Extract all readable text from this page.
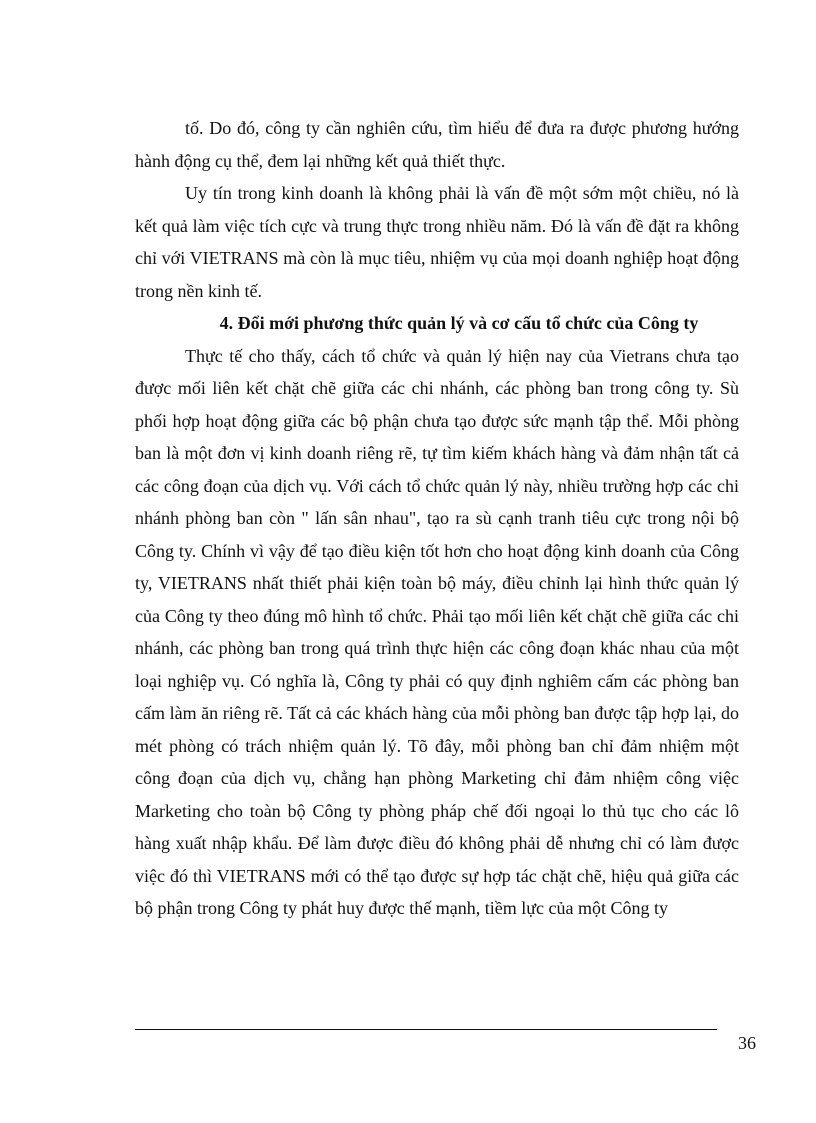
tố. Do đó, công ty cần nghiên cứu, tìm hiểu để đưa ra được phương hướng hành động cụ thể, đem lại những kết quả thiết thực.

Uy tín trong kinh doanh là không phải là vấn đề một sớm một chiều, nó là kết quả làm việc tích cực và trung thực trong nhiều năm. Đó là vấn đề đặt ra không chỉ với VIETRANS mà còn là mục tiêu, nhiệm vụ của mọi doanh nghiệp hoạt động trong nền kinh tế.

4. Đổi mới phương thức quản lý và cơ cấu tổ chức của Công ty

Thực tế cho thấy, cách tổ chức và quản lý hiện nay của Vietrans chưa tạo được mối liên kết chặt chẽ giữa các chi nhánh, các phòng ban trong công ty. Sù phối hợp hoạt động giữa các bộ phận chưa tạo được sức mạnh tập thể. Mỗi phòng ban là một đơn vị kinh doanh riêng rẽ, tự tìm kiếm khách hàng và đảm nhận tất cả các công đoạn của dịch vụ. Với cách tổ chức quản lý này, nhiều trường hợp các chi nhánh phòng ban còn " lấn sân nhau", tạo ra sù cạnh tranh tiêu cực trong nội bộ Công ty. Chính vì vậy để tạo điều kiện tốt hơn cho hoạt động kinh doanh của Công ty, VIETRANS nhất thiết phải kiện toàn bộ máy, điều chỉnh lại hình thức quản lý của Công ty theo đúng mô hình tổ chức. Phải tạo mối liên kết chặt chẽ giữa các chi nhánh, các phòng ban trong quá trình thực hiện các công đoạn khác nhau của một loại nghiệp vụ. Có nghĩa là, Công ty phải có quy định nghiêm cấm các phòng ban cấm làm ăn riêng rẽ. Tất cả các khách hàng của mỗi phòng ban được tập hợp lại, do mét phòng có trách nhiệm quản lý. Tõ đây, mỗi phòng ban chỉ đảm nhiệm một công đoạn của dịch vụ, chẳng hạn phòng Marketing chỉ đảm nhiệm công việc Marketing cho toàn bộ Công ty phòng pháp chế đối ngoại lo thủ tục cho các lô hàng xuất nhập khẩu. Để làm được điều đó không phải dễ nhưng chỉ có làm được việc đó thì VIETRANS mới có thể tạo được sự hợp tác chặt chẽ, hiệu quả giữa các bộ phận trong Công ty phát huy được thế mạnh, tiềm lực của một Công ty

36
